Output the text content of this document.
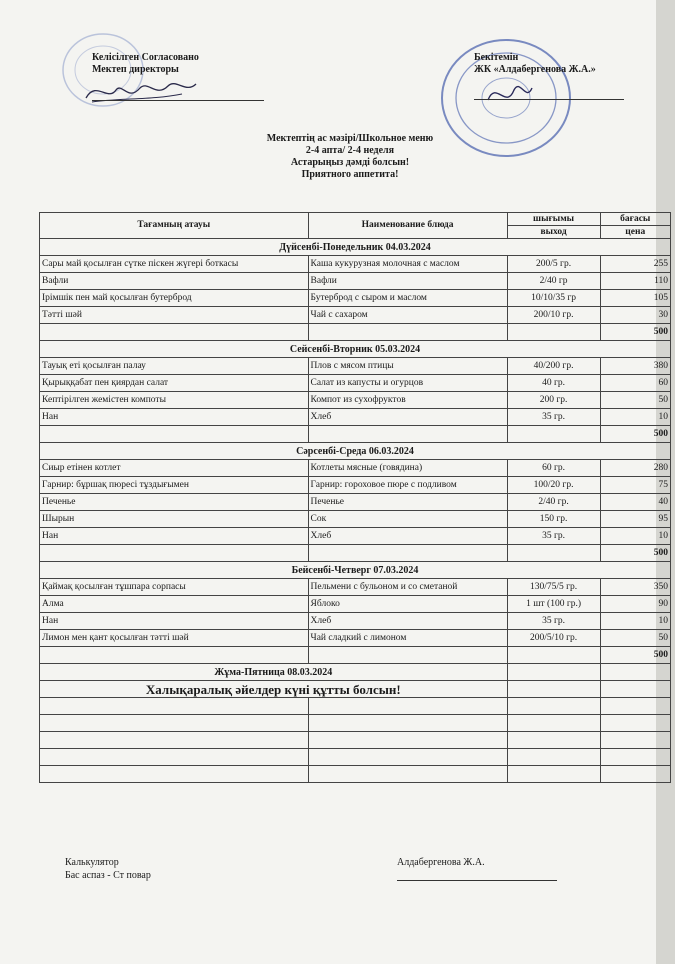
Келісілген Согласовано
Мектеп директоры
Бекітемін
ЖК «Алдабергенова Ж.А.»
Мектептің ас мәзірі/Школьное меню
2-4 апта/ 2-4 неделя
Астарыңыз дәмді болсын!
Приятного аппетита!
Тағамның атауы	Наименование блюда	шығымы	бағасы
		выход	цена
Дүйсенбі-Понедельник 04.03.2024			
Сары май қосылған сүтке піскен жүгері боткасы	Каша кукурузная молочная с маслом	200/5 гр.	255
Вафли	Вафли	2/40 гр	110
Ірімшік пен май қосылған бутерброд	Бутерброд с сыром и маслом	10/10/35 гр	105
Тәтті шәй	Чай с сахаром	200/10 гр.	30
			500
Сейсенбі-Вторник 05.03.2024			
Тауық еті қосылған палау	Плов с мясом птицы	40/200 гр.	380
Қырыққабат пен қиярдан салат	Салат из капусты и огурцов	40 гр.	60
Кептірілген жемістен компоты	Компот из сухофруктов	200 гр.	50
Нан	Хлеб	35 гр.	10
			500
Сәрсенбі-Среда 06.03.2024			
Сиыр етінен котлет	Котлеты мясные (говядина)	60 гр.	280
Гарнир: бұршақ пюресі тұздығымен	Гарнир: гороховое пюре с подливом	100/20 гр.	75
Печенье	Печенье	2/40 гр.	40
Шырын	Сок	150 гр.	95
Нан	Хлеб	35 гр.	10
			500
Бейсенбі-Четверг 07.03.2024			
Қаймақ қосылған тұшпара сорпасы	Пельмени с бульоном и со сметаной	130/75/5 гр.	350
Алма	Яблоко	1 шт (100 гр.)	90
Нан	Хлеб	35 гр.	10
Лимон мен қант қосылған тәтті шәй	Чай сладкий с лимоном	200/5/10 гр.	50
			500
Жұма-Пятница 08.03.2024			
Халықаралық әйелдер күні құтты болсын!			

Калькулятор
Бас аспаз - Ст повар
Алдабергенова Ж.А.
